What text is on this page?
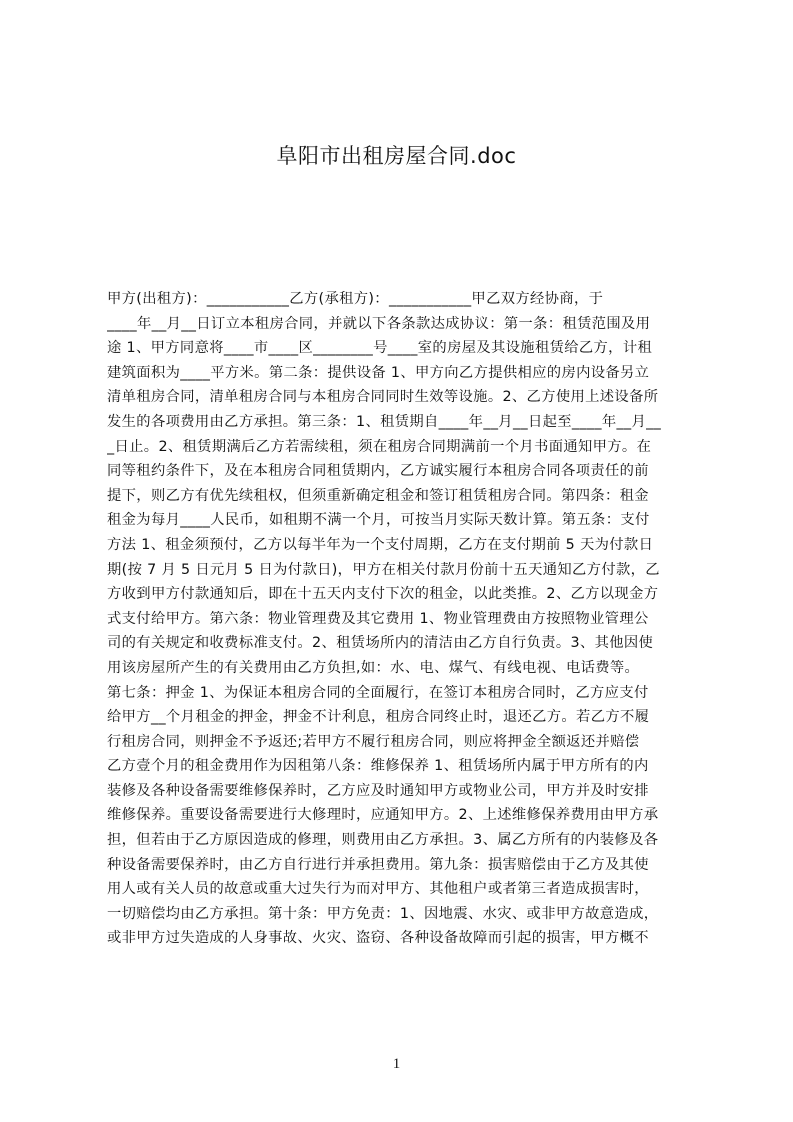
阜阳市出租房屋合同.doc
甲方(出租方)：___________乙方(承租方)：___________甲乙双方经协商，于
____年__月__日订立本租房合同，并就以下各条款达成协议：第一条：租赁范围及用
途 1、甲方同意将____市____区________号____室的房屋及其设施租赁给乙方，计租
建筑面积为____平方米。第二条：提供设备 1、甲方向乙方提供相应的房内设备另立
清单租房合同，清单租房合同与本租房合同同时生效等设施。2、乙方使用上述设备所
发生的各项费用由乙方承担。第三条：1、租赁期自____年__月__日起至____年__月__
_日止。2、租赁期满后乙方若需续租，须在租房合同期满前一个月书面通知甲方。在
同等租约条件下，及在本租房合同租赁期内，乙方诚实履行本租房合同各项责任的前
提下，则乙方有优先续租权，但须重新确定租金和签订租赁租房合同。第四条：租金
租金为每月____人民币，如租期不满一个月，可按当月实际天数计算。第五条：支付
方法 1、租金须预付，乙方以每半年为一个支付周期，乙方在支付期前 5 天为付款日
期(按 7 月 5 日元月 5 日为付款日)，甲方在相关付款月份前十五天通知乙方付款，乙
方收到甲方付款通知后，即在十五天内支付下次的租金，以此类推。2、乙方以现金方
式支付给甲方。第六条：物业管理费及其它费用 1、物业管理费由方按照物业管理公
司的有关规定和收费标准支付。2、租赁场所内的清洁由乙方自行负责。3、其他因使
用该房屋所产生的有关费用由乙方负担,如：水、电、煤气、有线电视、电话费等。
第七条：押金 1、为保证本租房合同的全面履行，在签订本租房合同时，乙方应支付
给甲方__个月租金的押金，押金不计利息，租房合同终止时，退还乙方。若乙方不履
行租房合同，则押金不予返还;若甲方不履行租房合同，则应将押金全额返还并赔偿
乙方壹个月的租金费用作为因租第八条：维修保养 1、租赁场所内属于甲方所有的内
装修及各种设备需要维修保养时，乙方应及时通知甲方或物业公司，甲方并及时安排
维修保养。重要设备需要进行大修理时，应通知甲方。2、上述维修保养费用由甲方承
担，但若由于乙方原因造成的修理，则费用由乙方承担。3、属乙方所有的内装修及各
种设备需要保养时，由乙方自行进行并承担费用。第九条：损害赔偿由于乙方及其使
用人或有关人员的故意或重大过失行为而对甲方、其他租户或者第三者造成损害时，
一切赔偿均由乙方承担。第十条：甲方免责：1、因地震、水灾、或非甲方故意造成，
或非甲方过失造成的人身事故、火灾、盗窃、各种设备故障而引起的损害，甲方概不
1
